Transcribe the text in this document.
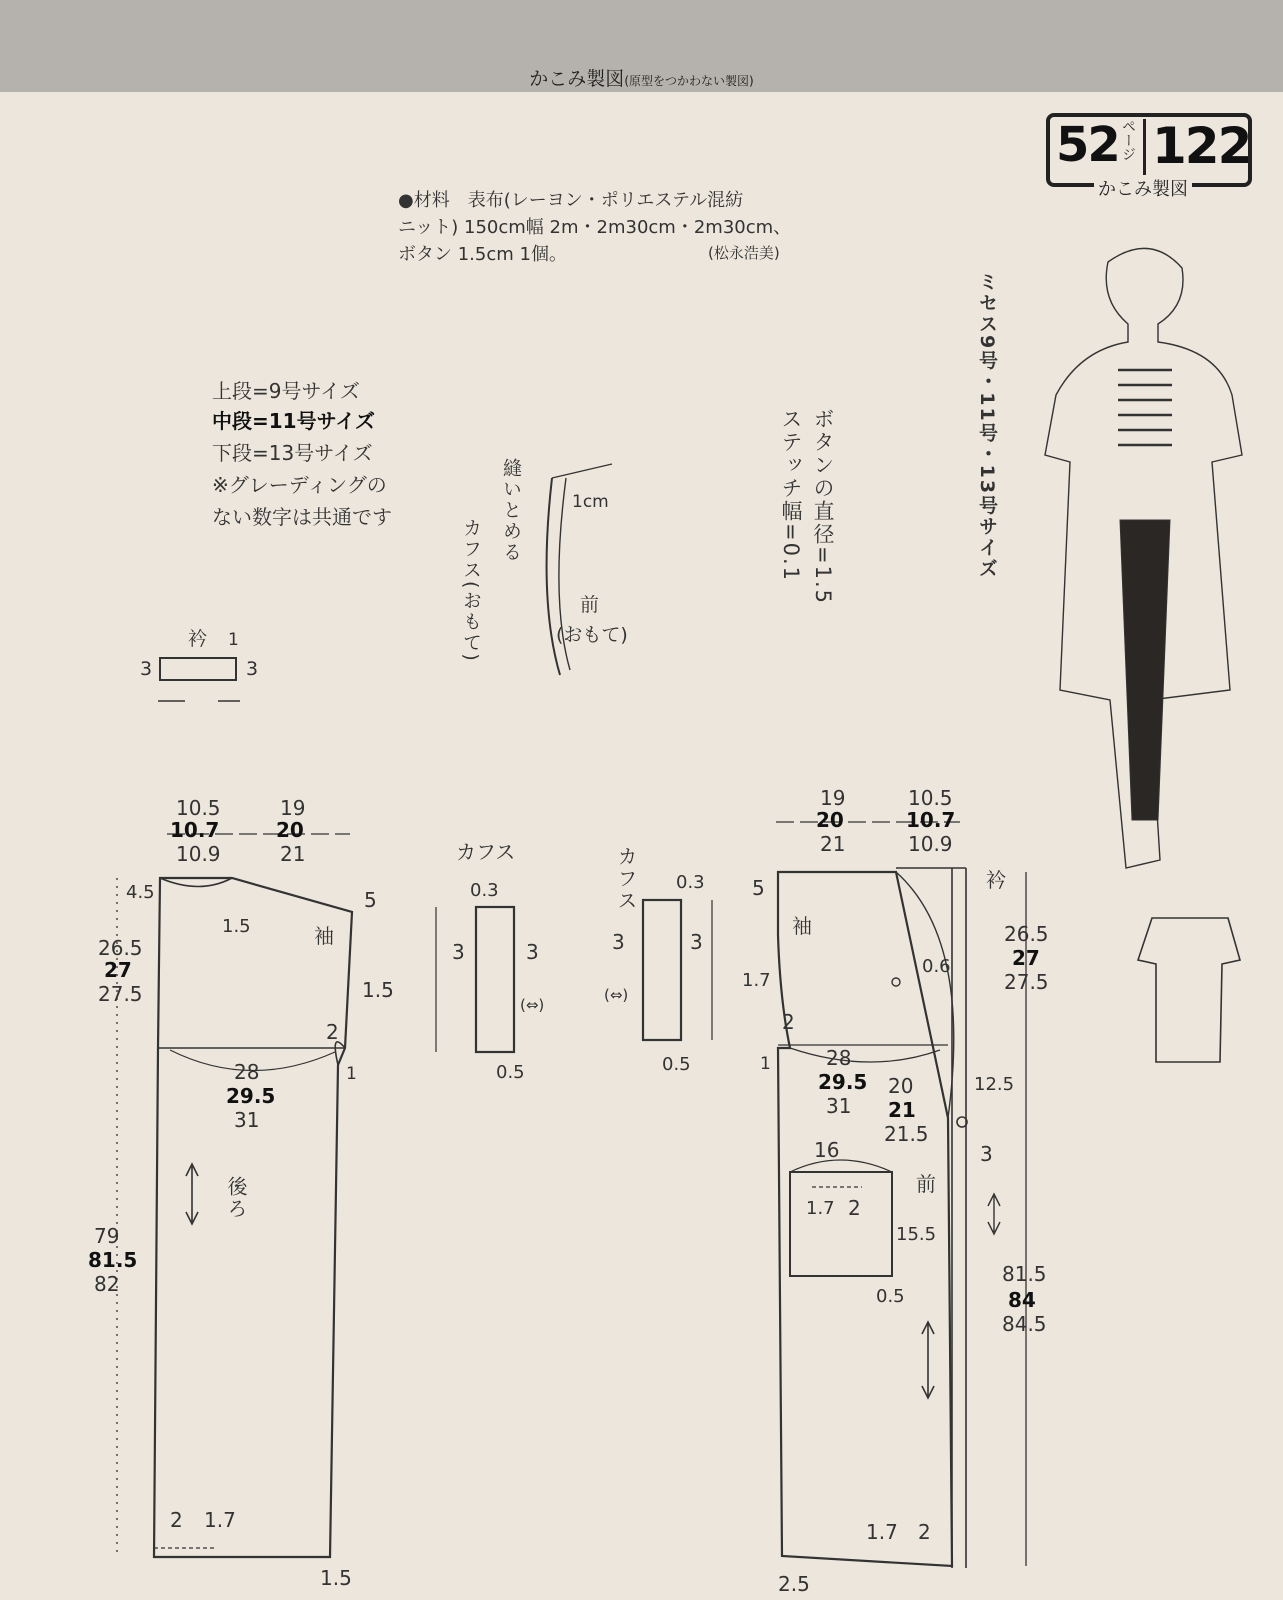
かこみ製図(原型をつかわない製図)
52 ページ 122
かこみ製図
●材料　表布(レーヨン・ポリエステル混紡
ニット) 150cm幅 2m・2m30cm・2m30cm、
ボタン 1.5cm 1個。	(松永浩美)
ミセス9号・11号・13号サイズ
上段=9号サイズ
中段=11号サイズ
下段=13号サイズ
※グレーディングの
ない数字は共通です	ボタンの直径=1.5
ステッチ幅=0.1
縫いとめる	1cm
カフス(おもて)	前
(おもて)
衿 1
3	3
10.5
10.7
10.9
19
20
21
4.5
1.5
5
袖
1.5
2
1
26.5
27
27.5
28
29.5
31
後ろ
79
81.5
82
2 1.7
1.5
カフス
0.3
3	3
0.5
(⇔)
カフス 0.3
3	3
0.5
(⇔)
19
20
21
10.5
10.7
10.9
5
袖
1.7
2
1
衿
0.6
26.5
27
27.5
28
29.5
31
20
21
21.5
12.5
3
16
1.7 2
15.5
0.5
前
81.5
84
84.5
1.7 2
2.5
